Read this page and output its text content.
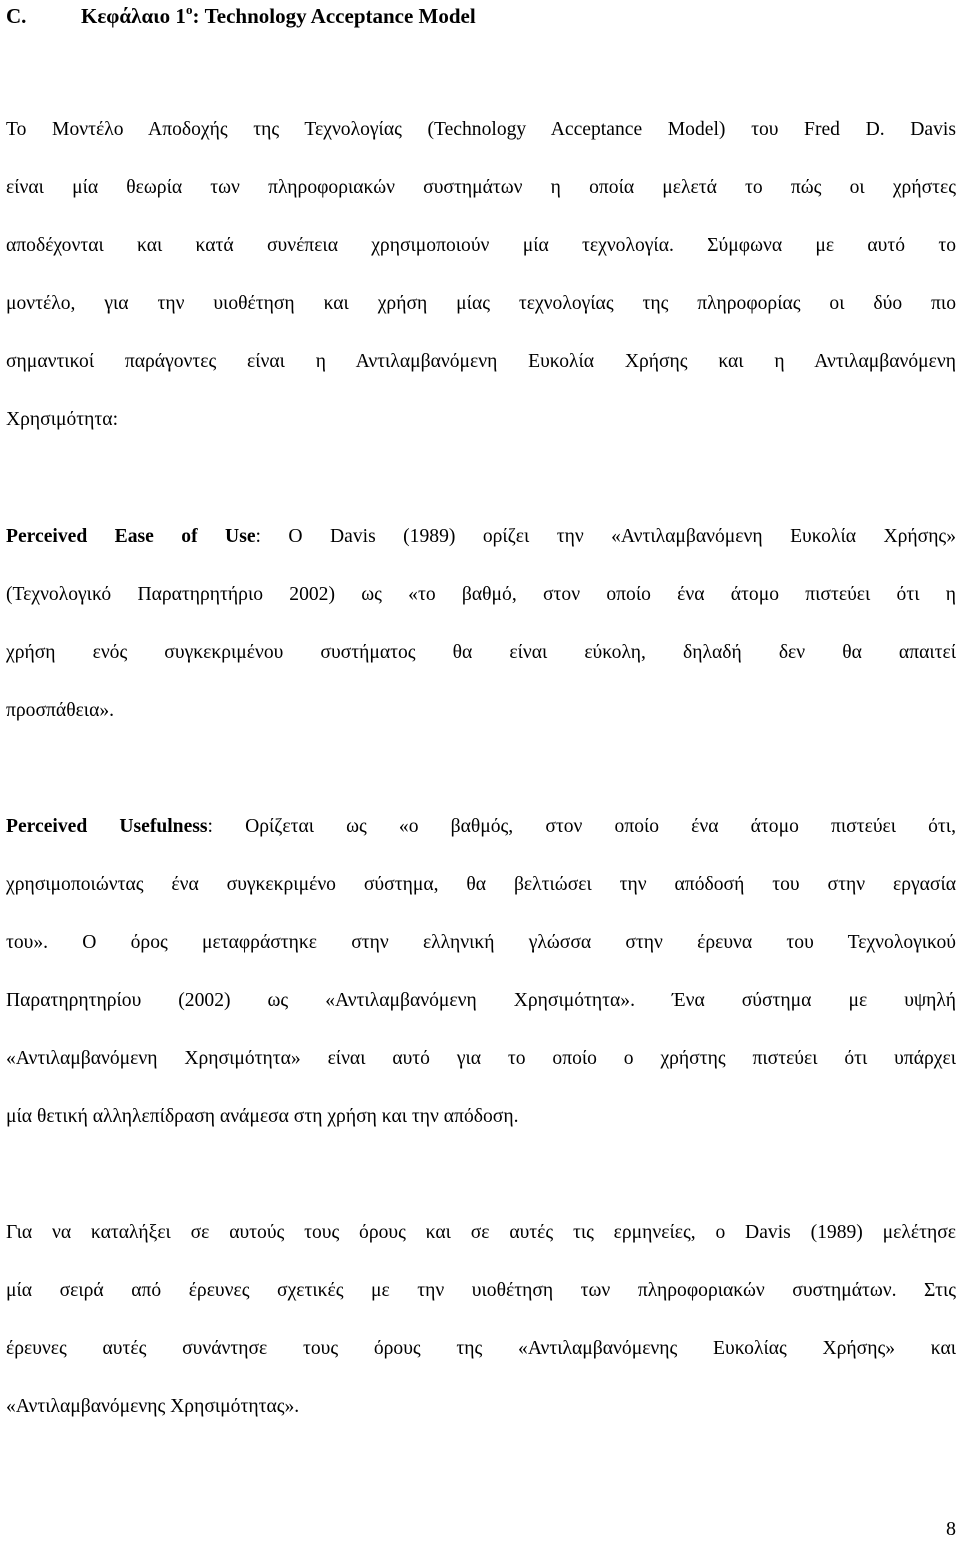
C.	Κεφάλαιο $1^o$: Technology Acceptance Model
Το Μοντέλο Αποδοχής της Τεχνολογίας (Technology Acceptance Model) του Fred D. Davis
είναι μία θεωρία των πληροφοριακών συστημάτων η οποία μελετά το πώς οι χρήστες
αποδέχονται και κατά συνέπεια χρησιμοποιούν μία τεχνολογία. Σύμφωνα με αυτό το
μοντέλο, για την υιοθέτηση και χρήση μίας τεχνολογίας της πληροφορίας οι δύο πιο
σημαντικοί παράγοντες είναι η Αντιλαμβανόμενη Ευκολία Χρήσης και η Αντιλαμβανόμενη
Χρησιμότητα:
Perceived Ease of Use: O Davis (1989) ορίζει την «Αντιλαμβανόμενη Ευκολία Χρήσης»
(Τεχνολογικό Παρατηρητήριο 2002) ως «το βαθμό, στον οποίο ένα άτομο πιστεύει ότι η
χρήση ενός συγκεκριμένου συστήματος θα είναι εύκολη, δηλαδή δεν θα απαιτεί
προσπάθεια».
Perceived Usefulness: Ορίζεται ως «ο βαθμός, στον οποίο ένα άτομο πιστεύει ότι,
χρησιμοποιώντας ένα συγκεκριμένο σύστημα, θα βελτιώσει την απόδοσή του στην εργασία
του». Ο όρος μεταφράστηκε στην ελληνική γλώσσα στην έρευνα του Τεχνολογικού
Παρατηρητηρίου (2002) ως «Αντιλαμβανόμενη Χρησιμότητα». Ένα σύστημα με υψηλή
«Αντιλαμβανόμενη Χρησιμότητα» είναι αυτό για το οποίο ο χρήστης πιστεύει ότι υπάρχει
μία θετική αλληλεπίδραση ανάμεσα στη χρήση και την απόδοση.
Για να καταλήξει σε αυτούς τους όρους και σε αυτές τις ερμηνείες, ο Davis (1989) μελέτησε
μία σειρά από έρευνες σχετικές με την υιοθέτηση των πληροφοριακών συστημάτων. Στις
έρευνες αυτές συνάντησε τους όρους της «Αντιλαμβανόμενης Ευκολίας Χρήσης» και
«Αντιλαμβανόμενης Χρησιμότητας».
8
